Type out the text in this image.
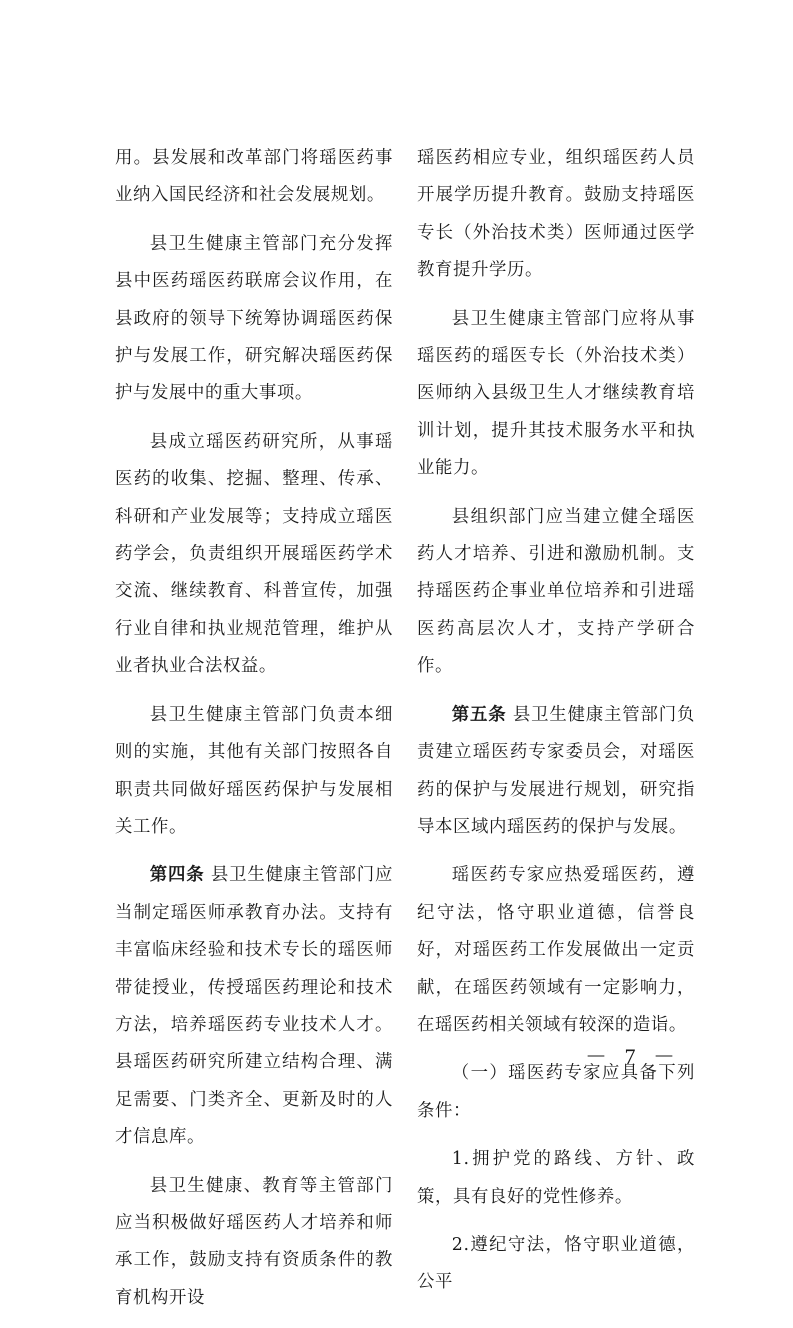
用。县发展和改革部门将瑶医药事业纳入国民经济和社会发展规划。

县卫生健康主管部门充分发挥县中医药瑶医药联席会议作用，在县政府的领导下统筹协调瑶医药保护与发展工作，研究解决瑶医药保护与发展中的重大事项。

县成立瑶医药研究所，从事瑶医药的收集、挖掘、整理、传承、科研和产业发展等；支持成立瑶医药学会，负责组织开展瑶医药学术交流、继续教育、科普宣传，加强行业自律和执业规范管理，维护从业者执业合法权益。

县卫生健康主管部门负责本细则的实施，其他有关部门按照各自职责共同做好瑶医药保护与发展相关工作。

第四条 县卫生健康主管部门应当制定瑶医师承教育办法。支持有丰富临床经验和技术专长的瑶医师带徒授业，传授瑶医药理论和技术方法，培养瑶医药专业技术人才。县瑶医药研究所建立结构合理、满足需要、门类齐全、更新及时的人才信息库。

县卫生健康、教育等主管部门应当积极做好瑶医药人才培养和师承工作，鼓励支持有资质条件的教育机构开设

瑶医药相应专业，组织瑶医药人员开展学历提升教育。鼓励支持瑶医专长（外治技术类）医师通过医学教育提升学历。

县卫生健康主管部门应将从事瑶医药的瑶医专长（外治技术类）医师纳入县级卫生人才继续教育培训计划，提升其技术服务水平和执业能力。

县组织部门应当建立健全瑶医药人才培养、引进和激励机制。支持瑶医药企事业单位培养和引进瑶医药高层次人才，支持产学研合作。

第五条 县卫生健康主管部门负责建立瑶医药专家委员会，对瑶医药的保护与发展进行规划，研究指导本区域内瑶医药的保护与发展。

瑶医药专家应热爱瑶医药，遵纪守法，恪守职业道德，信誉良好，对瑶医药工作发展做出一定贡献，在瑶医药领域有一定影响力，在瑶医药相关领域有较深的造诣。

（一）瑶医药专家应具备下列条件：

1.拥护党的路线、方针、政策，具有良好的党性修养。

2.遵纪守法，恪守职业道德，公平

－ 7 －
